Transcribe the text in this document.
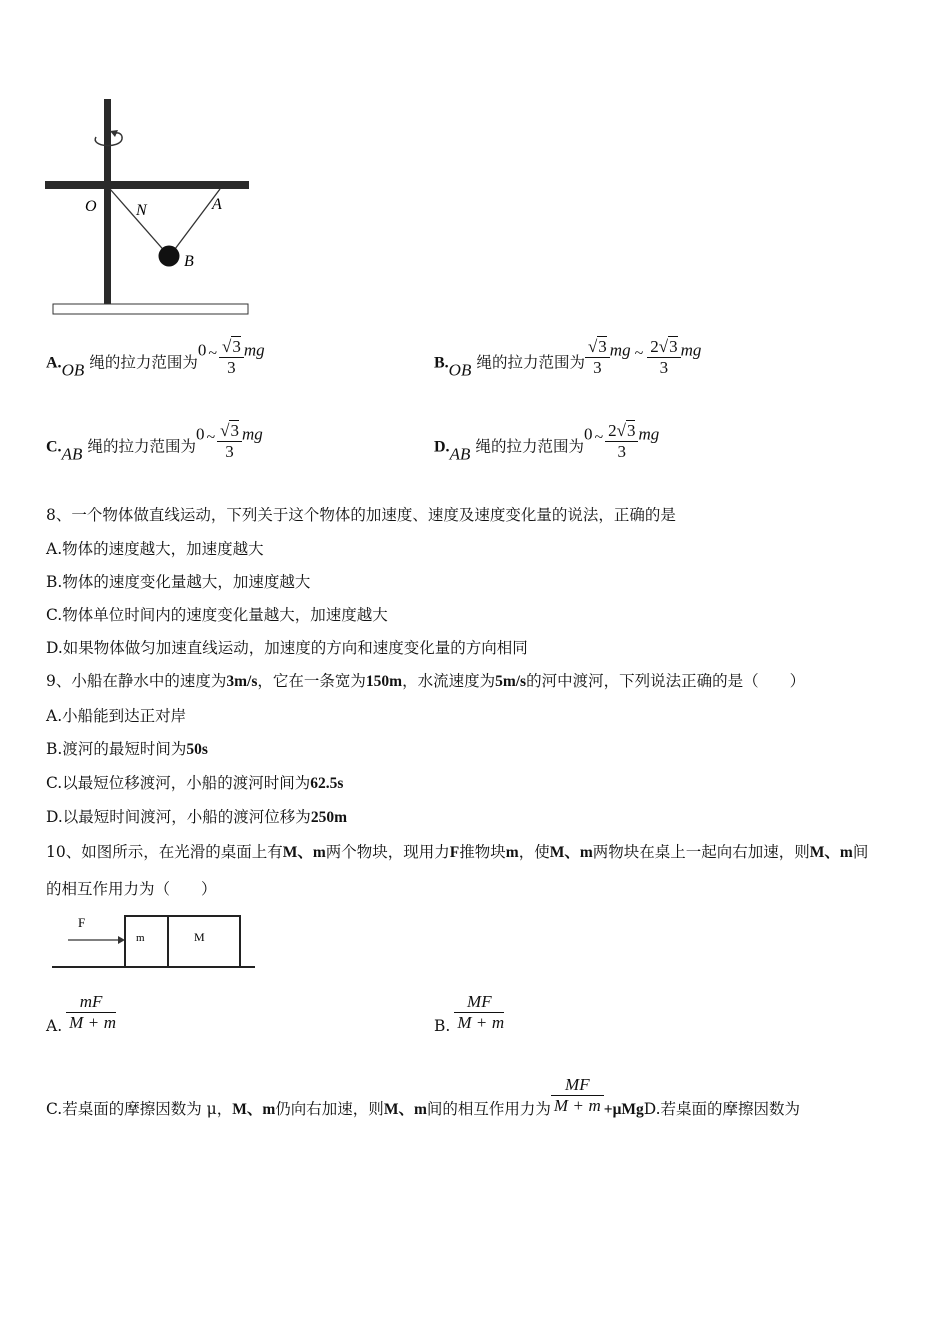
O N	A
B
A.OB 绳的拉力范围为0 ~ $\frac{√3}{3}$ mg
B.OB 绳的拉力范围为 $\frac{√3}{3}$ mg ~ $\frac{2√3}{3}$ mg
C.AB 绳的拉力范围为0 ~ $\frac{√3}{3}$ mg
D.AB 绳的拉力范围为0 ~ $\frac{2√3}{3}$ mg
8、一个物体做直线运动，下列关于这个物体的加速度、速度及速度变化量的说法，正确的是
A.物体的速度越大，加速度越大
B.物体的速度变化量越大，加速度越大
C.物体单位时间内的速度变化量越大，加速度越大
D.如果物体做匀加速直线运动，加速度的方向和速度变化量的方向相同
9、小船在静水中的速度为3m/s，它在一条宽为150m，水流速度为5m/s的河中渡河，下列说法正确的是（　　）
A.小船能到达正对岸
B.渡河的最短时间为50s
C.以最短位移渡河，小船的渡河时间为62.5s
D.以最短时间渡河，小船的渡河位移为250m
10、如图所示，在光滑的桌面上有M、m两个物块，现用力F推物块m，使M、m两物块在桌上一起向右加速，则M、m间
的相互作用力为（　　）
F
m	M
A. $\frac{mF}{M + m}$	B. $\frac{MF}{M + m}$
C.若桌面的摩擦因数为 μ，M、m仍向右加速，则M、m间的相互作用力为 $\frac{MF}{M + m} +\mu MgD$.若桌面的摩擦因数为
